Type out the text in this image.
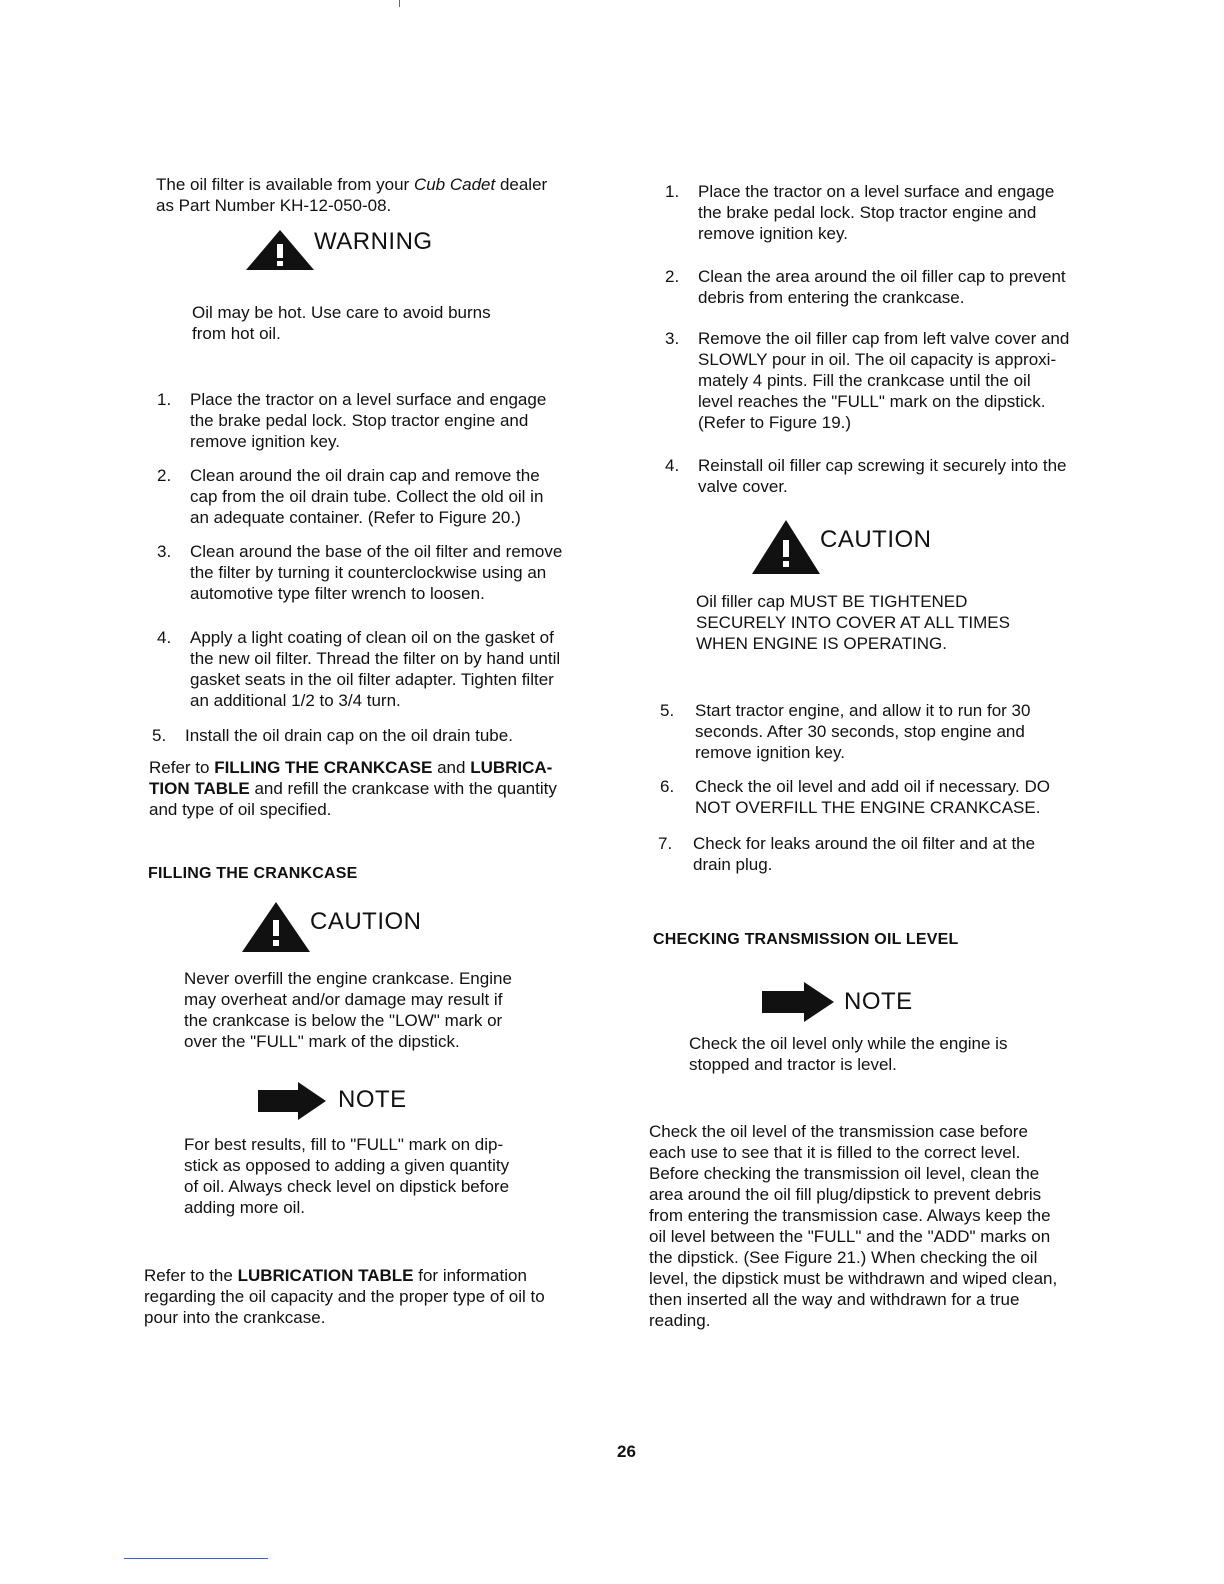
The oil filter is available from your Cub Cadet dealer
as Part Number KH-12-050-08.
WARNING
Oil may be hot. Use care to avoid burns
from hot oil.
1. Place the tractor on a level surface and engage
the brake pedal lock. Stop tractor engine and
remove ignition key.
2. Clean around the oil drain cap and remove the
cap from the oil drain tube. Collect the old oil in
an adequate container. (Refer to Figure 20.)
3. Clean around the base of the oil filter and remove
the filter by turning it counterclockwise using an
automotive type filter wrench to loosen.
4. Apply a light coating of clean oil on the gasket of
the new oil filter. Thread the filter on by hand until
gasket seats in the oil filter adapter. Tighten filter
an additional 1/2 to 3/4 turn.
5. Install the oil drain cap on the oil drain tube.
Refer to FILLING THE CRANKCASE and LUBRICA-
TION TABLE and refill the crankcase with the quantity
and type of oil specified.
FILLING THE CRANKCASE
CAUTION
Never overfill the engine crankcase. Engine
may overheat and/or damage may result if
the crankcase is below the "LOW" mark or
over the "FULL" mark of the dipstick.
NOTE
For best results, fill to "FULL" mark on dip-
stick as opposed to adding a given quantity
of oil. Always check level on dipstick before
adding more oil.
Refer to the LUBRICATION TABLE for information
regarding the oil capacity and the proper type of oil to
pour into the crankcase.
1. Place the tractor on a level surface and engage
the brake pedal lock. Stop tractor engine and
remove ignition key.
2. Clean the area around the oil filler cap to prevent
debris from entering the crankcase.
3. Remove the oil filler cap from left valve cover and
SLOWLY pour in oil. The oil capacity is approxi-
mately 4 pints. Fill the crankcase until the oil
level reaches the "FULL" mark on the dipstick.
(Refer to Figure 19.)
4. Reinstall oil filler cap screwing it securely into the
valve cover.
CAUTION
Oil filler cap MUST BE TIGHTENED
SECURELY INTO COVER AT ALL TIMES
WHEN ENGINE IS OPERATING.
5. Start tractor engine, and allow it to run for 30
seconds. After 30 seconds, stop engine and
remove ignition key.
6. Check the oil level and add oil if necessary. DO
NOT OVERFILL THE ENGINE CRANKCASE.
7. Check for leaks around the oil filter and at the
drain plug.
CHECKING TRANSMISSION OIL LEVEL
NOTE
Check the oil level only while the engine is
stopped and tractor is level.
Check the oil level of the transmission case before
each use to see that it is filled to the correct level.
Before checking the transmission oil level, clean the
area around the oil fill plug/dipstick to prevent debris
from entering the transmission case. Always keep the
oil level between the "FULL" and the "ADD" marks on
the dipstick. (See Figure 21.) When checking the oil
level, the dipstick must be withdrawn and wiped clean,
then inserted all the way and withdrawn for a true
reading.
26
